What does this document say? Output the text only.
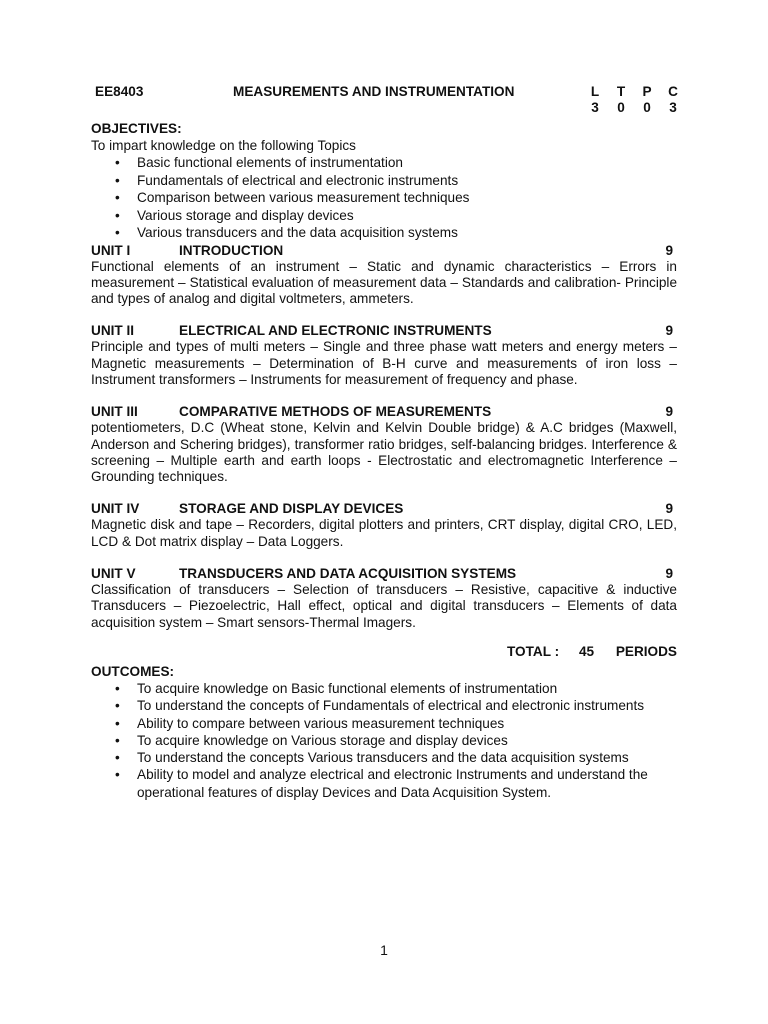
EE8403	MEASUREMENTS AND INSTRUMENTATION	L T P C
3 0 0 3
OBJECTIVES:
To impart knowledge on the following Topics
• Basic functional elements of instrumentation
• Fundamentals of electrical and electronic instruments
• Comparison between various measurement techniques
• Various storage and display devices
• Various transducers and the data acquisition systems
UNIT I	INTRODUCTION	9
Functional elements of an instrument – Static and dynamic characteristics – Errors in measurement – Statistical evaluation of measurement data – Standards and calibration- Principle and types of analog and digital voltmeters, ammeters.
UNIT II	ELECTRICAL AND ELECTRONIC INSTRUMENTS	9
Principle and types of multi meters – Single and three phase watt meters and energy meters – Magnetic measurements – Determination of B-H curve and measurements of iron loss – Instrument transformers – Instruments for measurement of frequency and phase.
UNIT III	COMPARATIVE METHODS OF MEASUREMENTS	9
potentiometers, D.C (Wheat stone, Kelvin and Kelvin Double bridge) & A.C bridges (Maxwell, Anderson and Schering bridges), transformer ratio bridges, self-balancing bridges. Interference & screening – Multiple earth and earth loops - Electrostatic and electromagnetic Interference – Grounding techniques.
UNIT IV	STORAGE AND DISPLAY DEVICES	9
Magnetic disk and tape – Recorders, digital plotters and printers, CRT display, digital CRO, LED, LCD & Dot matrix display – Data Loggers.
UNIT V	TRANSDUCERS AND DATA ACQUISITION SYSTEMS	9
Classification of transducers – Selection of transducers – Resistive, capacitive & inductive Transducers – Piezoelectric, Hall effect, optical and digital transducers – Elements of data acquisition system – Smart sensors-Thermal Imagers.
TOTAL : 45 PERIODS
OUTCOMES:
• To acquire knowledge on Basic functional elements of instrumentation
• To understand the concepts of Fundamentals of electrical and electronic instruments
• Ability to compare between various measurement techniques
• To acquire knowledge on Various storage and display devices
• To understand the concepts Various transducers and the data acquisition systems
• Ability to model and analyze electrical and electronic Instruments and understand the operational features of display Devices and Data Acquisition System.
1
